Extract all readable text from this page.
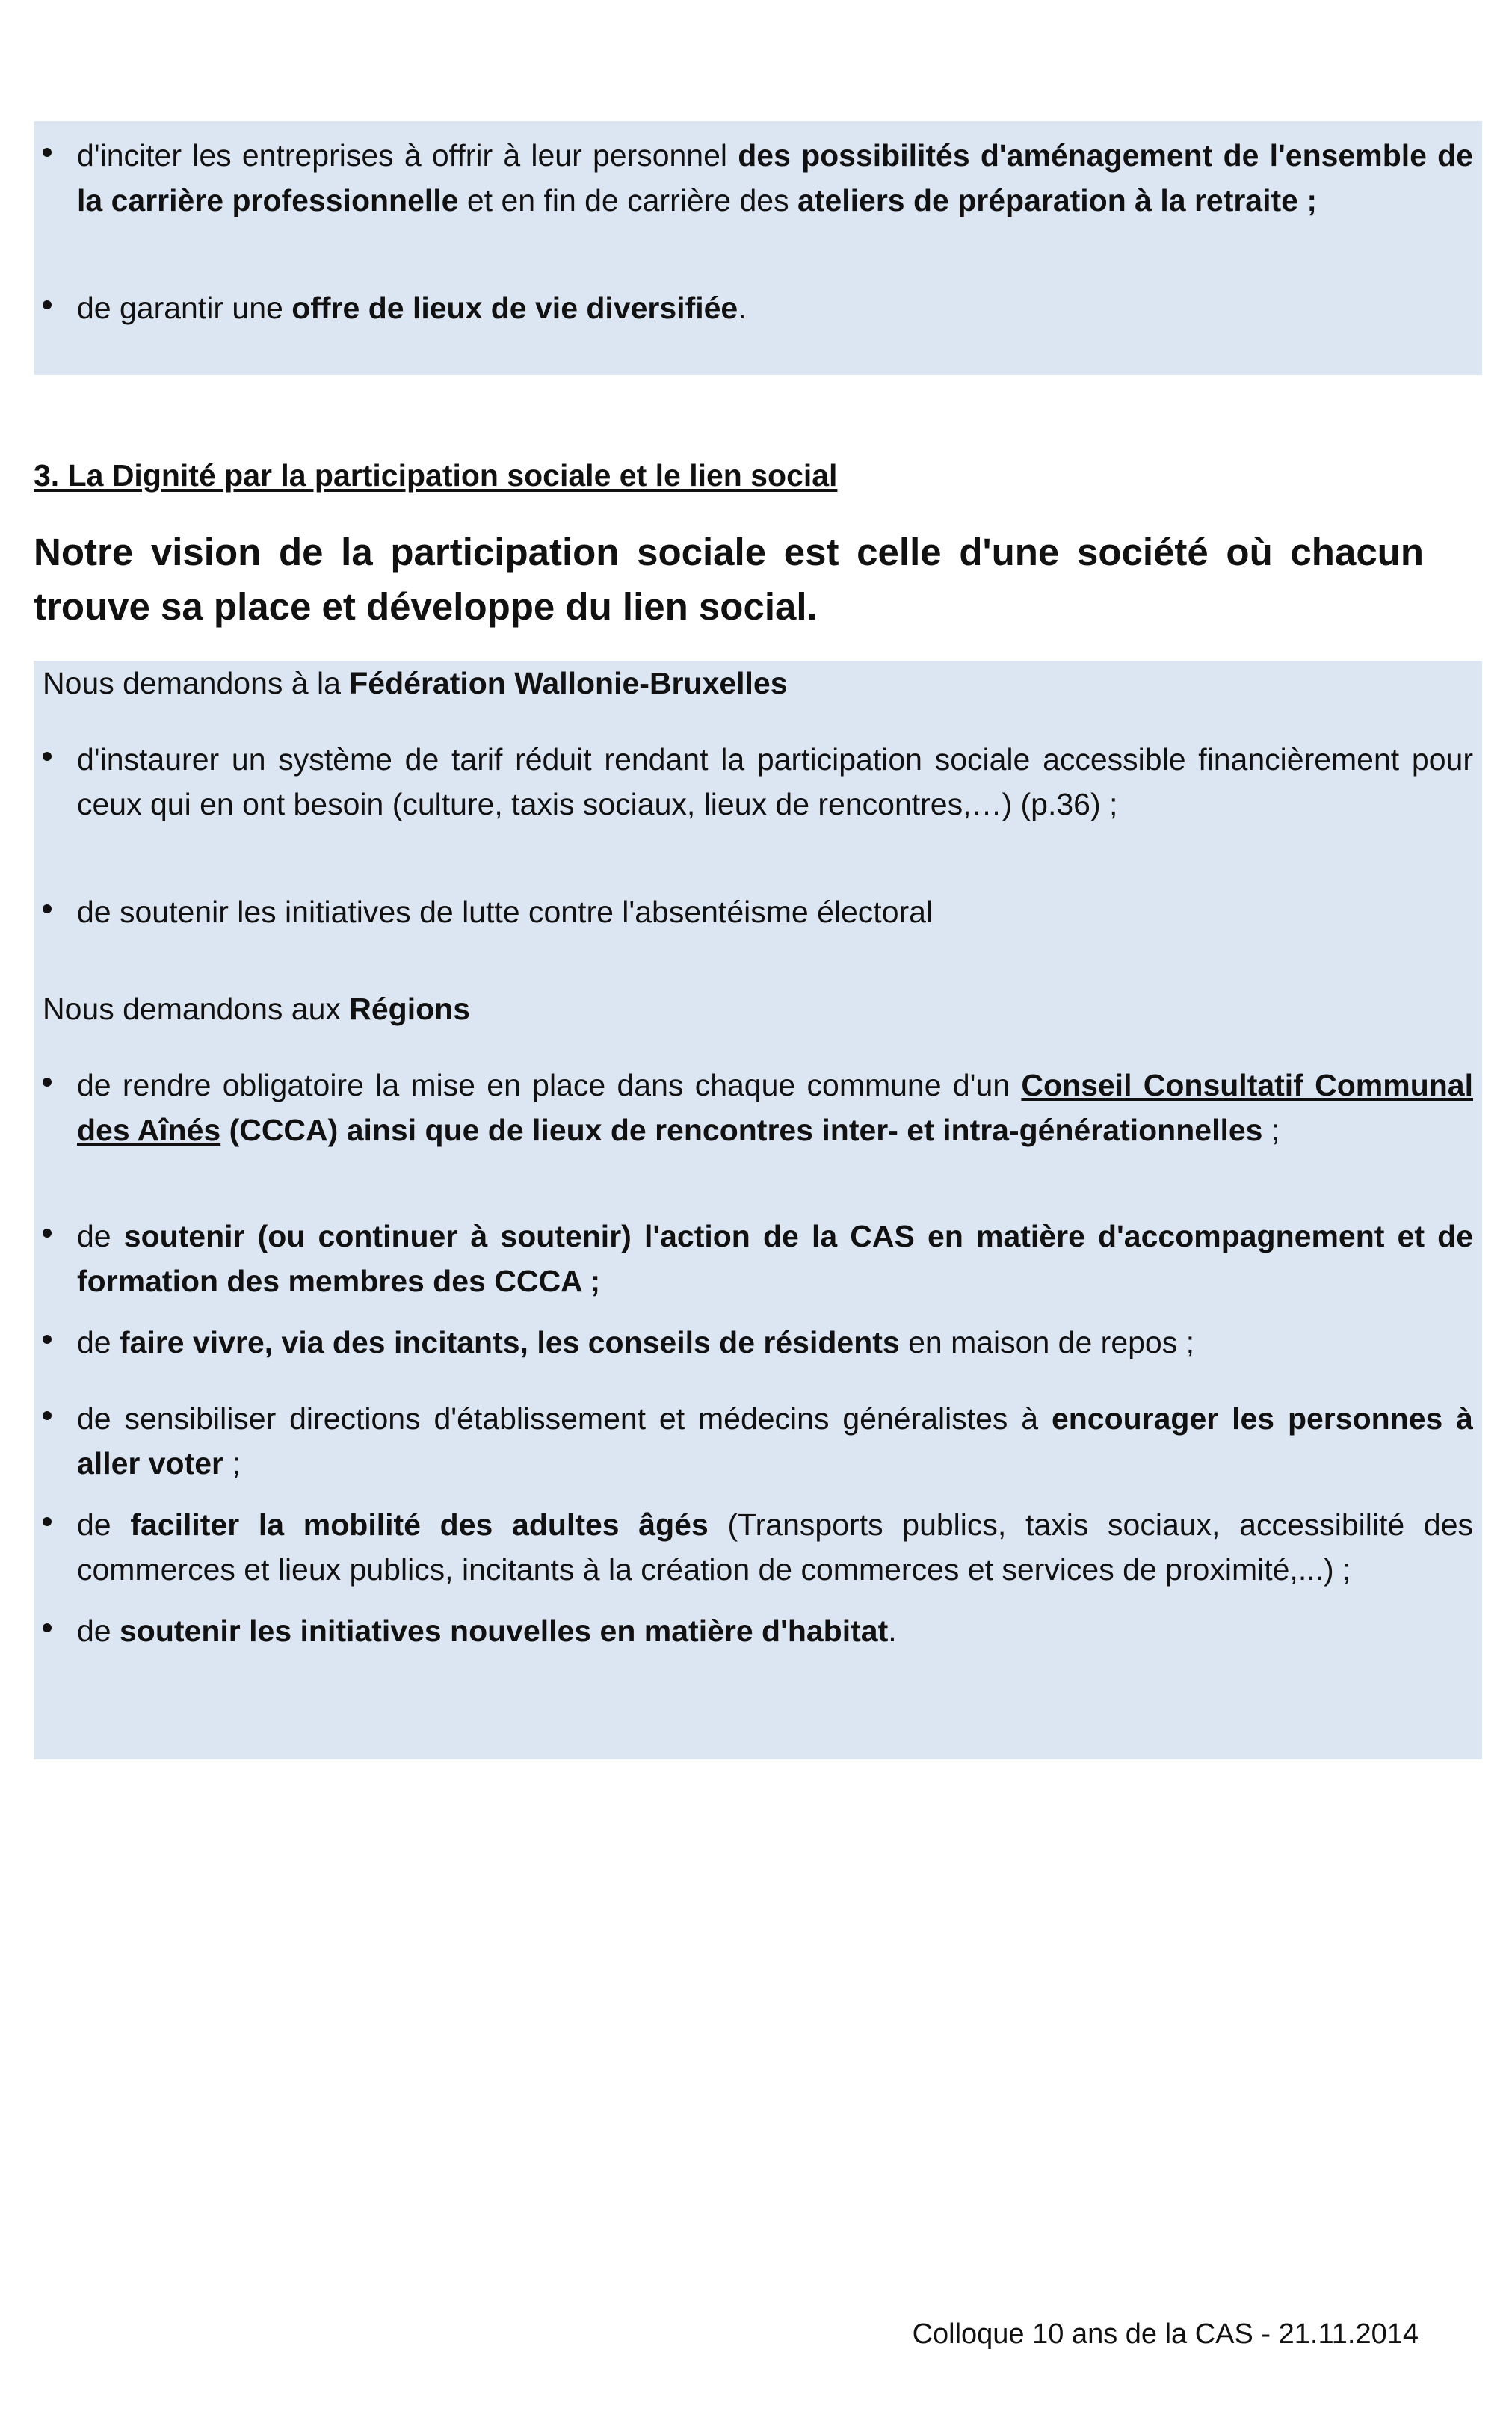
d'inciter les entreprises à offrir à leur personnel des possibilités d'aménagement de l'ensemble de la carrière professionnelle et en fin de carrière des ateliers de préparation à la retraite ;
de garantir une offre de lieux de vie diversifiée.
3. La Dignité par la participation sociale et le lien social
Notre vision de la participation sociale est celle d'une société où chacun trouve sa place et développe du lien social.
Nous demandons à la Fédération Wallonie-Bruxelles
d'instaurer un système de tarif réduit rendant la participation sociale accessible financièrement pour ceux qui en ont besoin (culture, taxis sociaux, lieux de rencontres,…) (p.36) ;
de soutenir les initiatives de lutte contre l'absentéisme électoral
Nous demandons aux Régions
de rendre obligatoire la mise en place dans chaque commune d'un Conseil Consultatif Communal des Aînés (CCCA) ainsi que de lieux de rencontres inter- et intra-générationnelles ;
de soutenir (ou continuer à soutenir) l'action de la CAS en matière d'accompagnement et de formation des membres des CCCA ;
de faire vivre, via des incitants, les conseils de résidents en maison de repos ;
de sensibiliser directions d'établissement et médecins généralistes à encourager les personnes à aller voter ;
de faciliter la mobilité des adultes âgés (Transports publics, taxis sociaux, accessibilité des commerces et lieux publics, incitants à la création de commerces et services de proximité,...) ;
de soutenir les initiatives nouvelles en matière d'habitat.
Colloque 10 ans de la CAS - 21.11.2014
